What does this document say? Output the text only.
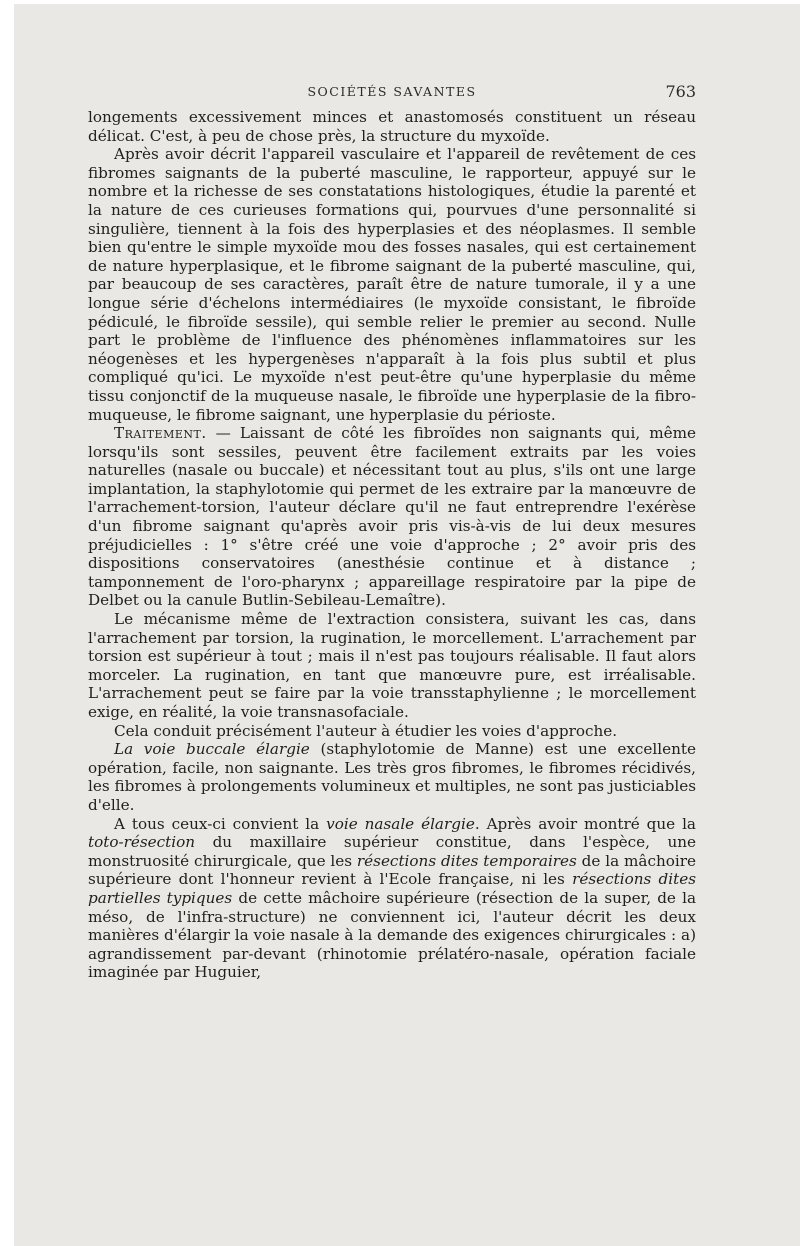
SOCIÉTÉS SAVANTES	763

longements excessivement minces et anastomosés constituent un réseau délicat. C'est, à peu de chose près, la structure du myxoïde.

Après avoir décrit l'appareil vasculaire et l'appareil de revêtement de ces fibromes saignants de la puberté masculine, le rapporteur, appuyé sur le nombre et la richesse de ses constatations histologiques, étudie la parenté et la nature de ces curieuses formations qui, pourvues d'une personnalité si singulière, tiennent à la fois des hyperplasies et des néoplasmes. Il semble bien qu'entre le simple myxoïde mou des fosses nasales, qui est certainement de nature hyperplasique, et le fibrome saignant de la puberté masculine, qui, par beaucoup de ses caractères, paraît être de nature tumorale, il y a une longue série d'échelons intermédiaires (le myxoïde consistant, le fibroïde pédiculé, le fibroïde sessile), qui semble relier le premier au second. Nulle part le problème de l'influence des phénomènes inflammatoires sur les néogenèses et les hypergenèses n'apparaît à la fois plus subtil et plus compliqué qu'ici. Le myxoïde n'est peut-être qu'une hyperplasie du même tissu conjonctif de la muqueuse nasale, le fibroïde une hyperplasie de la fibro-muqueuse, le fibrome saignant, une hyperplasie du périoste.

Traitement. — Laissant de côté les fibroïdes non saignants qui, même lorsqu'ils sont sessiles, peuvent être facilement extraits par les voies naturelles (nasale ou buccale) et nécessitant tout au plus, s'ils ont une large implantation, la staphylotomie qui permet de les extraire par la manœuvre de l'arrachement-torsion, l'auteur déclare qu'il ne faut entreprendre l'exérèse d'un fibrome saignant qu'après avoir pris vis-à-vis de lui deux mesures préjudicielles : 1° s'être créé une voie d'approche ; 2° avoir pris des dispositions conservatoires (anesthésie continue et à distance ; tamponnement de l'oro-pharynx ; appareillage respiratoire par la pipe de Delbet ou la canule Butlin-Sebileau-Lemaître).

Le mécanisme même de l'extraction consistera, suivant les cas, dans l'arrachement par torsion, la rugination, le morcellement. L'arrachement par torsion est supérieur à tout ; mais il n'est pas toujours réalisable. Il faut alors morceler. La rugination, en tant que manœuvre pure, est irréalisable. L'arrachement peut se faire par la voie transstaphylienne ; le morcellement exige, en réalité, la voie transnasofaciale.

Cela conduit précisément l'auteur à étudier les voies d'approche.

La voie buccale élargie (staphylotomie de Manne) est une excellente opération, facile, non saignante. Les très gros fibromes, le fibromes récidivés, les fibromes à prolongements volumineux et multiples, ne sont pas justiciables d'elle.

A tous ceux-ci convient la voie nasale élargie. Après avoir montré que la toto-résection du maxillaire supérieur constitue, dans l'espèce, une monstruosité chirurgicale, que les résections dites temporaires de la mâchoire supérieure dont l'honneur revient à l'Ecole française, ni les résections dites partielles typiques de cette mâchoire supérieure (résection de la super, de la méso, de l'infra-structure) ne conviennent ici, l'auteur décrit les deux manières d'élargir la voie nasale à la demande des exigences chirurgicales : a) agrandissement par-devant (rhinotomie prélatéro-nasale, opération faciale imaginée par Huguier,
